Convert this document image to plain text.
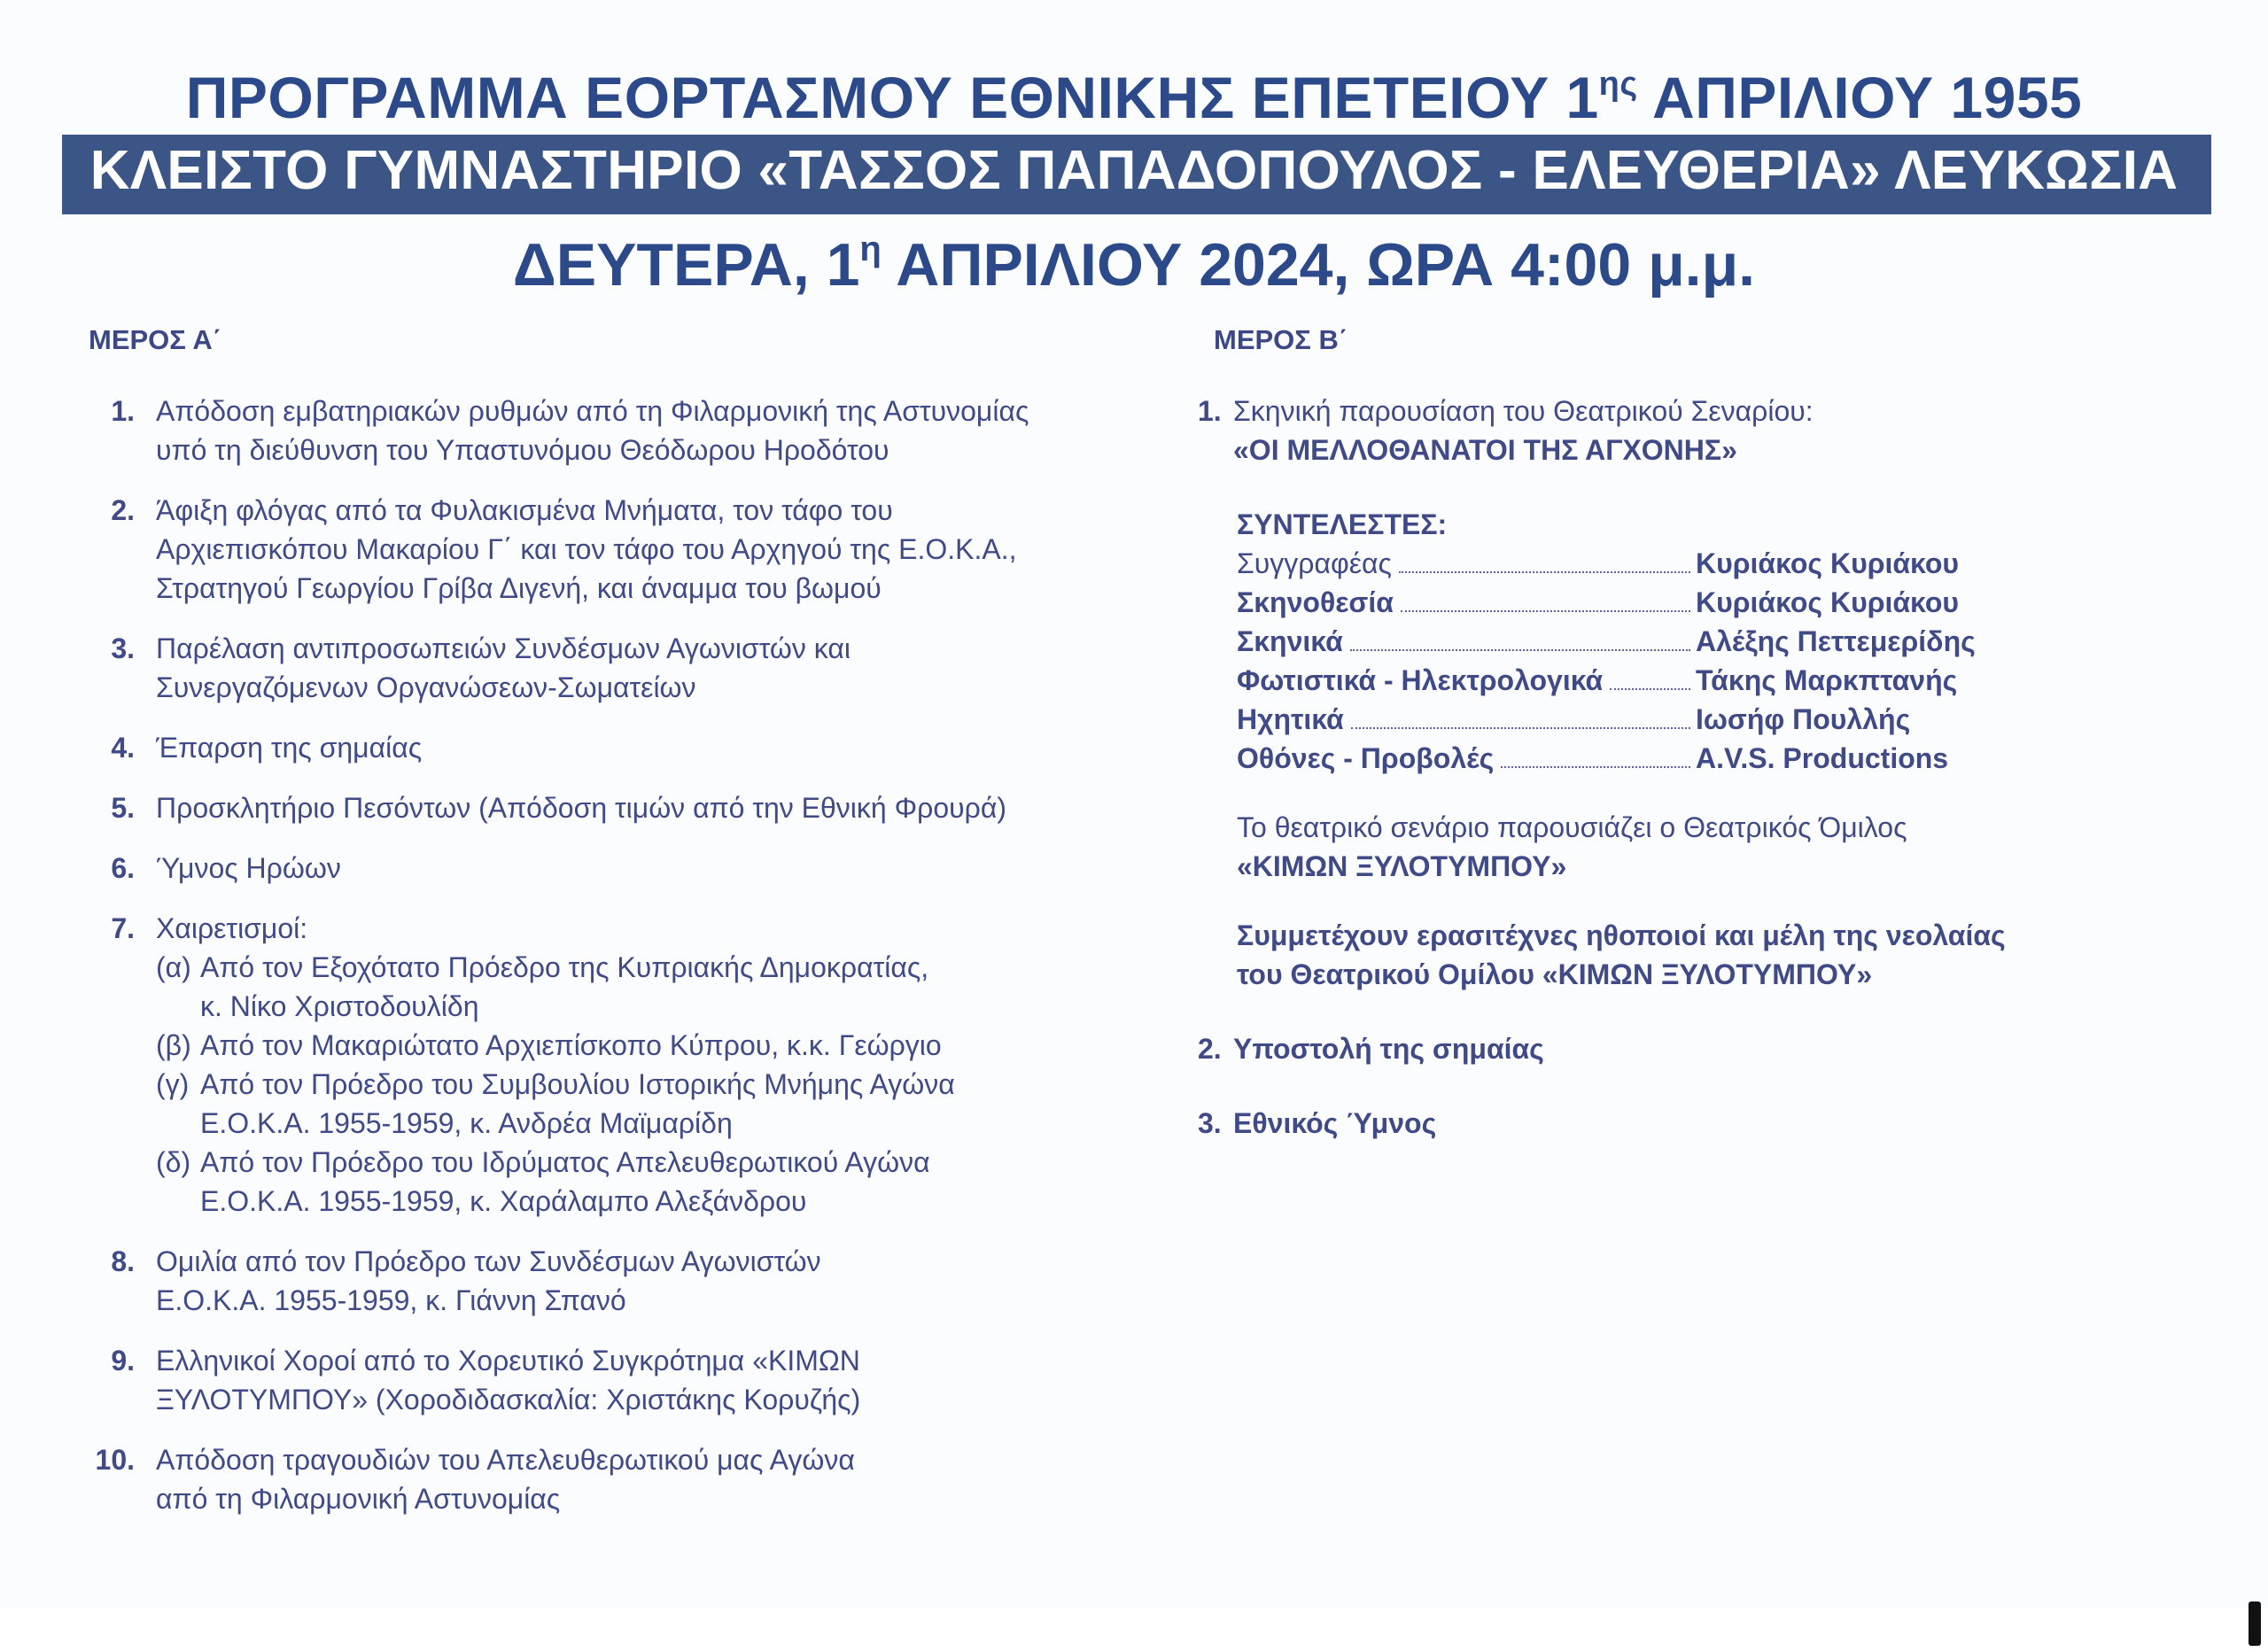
ΠΡΟΓΡΑΜΜΑ ΕΟΡΤΑΣΜΟΥ ΕΘΝΙΚΗΣ ΕΠΕΤΕΙΟΥ $1^{\eta\varsigma}$ ΑΠΡΙΛΙΟΥ 1955
ΚΛΕΙΣΤΟ ΓΥΜΝΑΣΤΗΡΙΟ «ΤΑΣΣΟΣ ΠΑΠΑΔΟΠΟΥΛΟΣ - ΕΛΕΥΘΕΡΙΑ» ΛΕΥΚΩΣΙΑ
ΔΕΥΤΕΡΑ, $1^\eta$ ΑΠΡΙΛΙΟΥ 2024, ΩΡΑ 4:00 μ.μ.
ΜΕΡΟΣ Α΄
1. Απόδοση εμβατηριακών ρυθμών από τη Φιλαρμονική της Αστυνομίας
υπό τη διεύθυνση του Υπαστυνόμου Θεόδωρου Ηροδότου
2. Άφιξη φλόγας από τα Φυλακισμένα Μνήματα, τον τάφο του
Αρχιεπισκόπου Μακαρίου Γ΄ και τον τάφο του Αρχηγού της Ε.Ο.Κ.Α.,
Στρατηγού Γεωργίου Γρίβα Διγενή, και άναμμα του βωμού
3. Παρέλαση αντιπροσωπειών Συνδέσμων Αγωνιστών και
Συνεργαζόμενων Οργανώσεων-Σωματείων
4. Έπαρση της σημαίας
5. Προσκλητήριο Πεσόντων (Απόδοση τιμών από την Εθνική Φρουρά)
6. Ύμνος Ηρώων
7. Χαιρετισμοί:
(α) Από τον Εξοχότατο Πρόεδρο της Κυπριακής Δημοκρατίας,
κ. Νίκο Χριστοδουλίδη
(β) Από τον Μακαριώτατο Αρχιεπίσκοπο Κύπρου, κ.κ. Γεώργιο
(γ) Από τον Πρόεδρο του Συμβουλίου Ιστορικής Μνήμης Αγώνα
Ε.Ο.Κ.Α. 1955-1959, κ. Ανδρέα Μαϊμαρίδη
(δ) Από τον Πρόεδρο του Ιδρύματος Απελευθερωτικού Αγώνα
Ε.Ο.Κ.Α. 1955-1959, κ. Χαράλαμπο Αλεξάνδρου
8. Ομιλία από τον Πρόεδρο των Συνδέσμων Αγωνιστών
Ε.Ο.Κ.Α. 1955-1959, κ. Γιάννη Σπανό
9. Ελληνικοί Χοροί από το Χορευτικό Συγκρότημα «ΚΙΜΩΝ
ΞΥΛΟΤΥΜΠΟΥ» (Χοροδιδασκαλία: Χριστάκης Κορυζής)
10. Απόδοση τραγουδιών του Απελευθερωτικού μας Αγώνα
από τη Φιλαρμονική Αστυνομίας
ΜΕΡΟΣ Β΄
1. Σκηνική παρουσίαση του Θεατρικού Σεναρίου:
«ΟΙ ΜΕΛΛΟΘΑΝΑΤΟΙ ΤΗΣ ΑΓΧΟΝΗΣ»
ΣΥΝΤΕΛΕΣΤΕΣ:
Συγγραφέας	Κυριάκος Κυριάκου
Σκηνοθεσία	Κυριάκος Κυριάκου
Σκηνικά	Αλέξης Πεττεμερίδης
Φωτιστικά - Ηλεκτρολογικά	Τάκης Μαρκπτανής
Ηχητικά	Ιωσήφ Πουλλής
Οθόνες - Προβολές	A.V.S. Productions
Το θεατρικό σενάριο παρουσιάζει ο Θεατρικός Όμιλος
«ΚΙΜΩΝ ΞΥΛΟΤΥΜΠΟΥ»
Συμμετέχουν ερασιτέχνες ηθοποιοί και μέλη της νεολαίας
του Θεατρικού Ομίλου «ΚΙΜΩΝ ΞΥΛΟΤΥΜΠΟΥ»
2. Υποστολή της σημαίας
3. Εθνικός Ύμνος
